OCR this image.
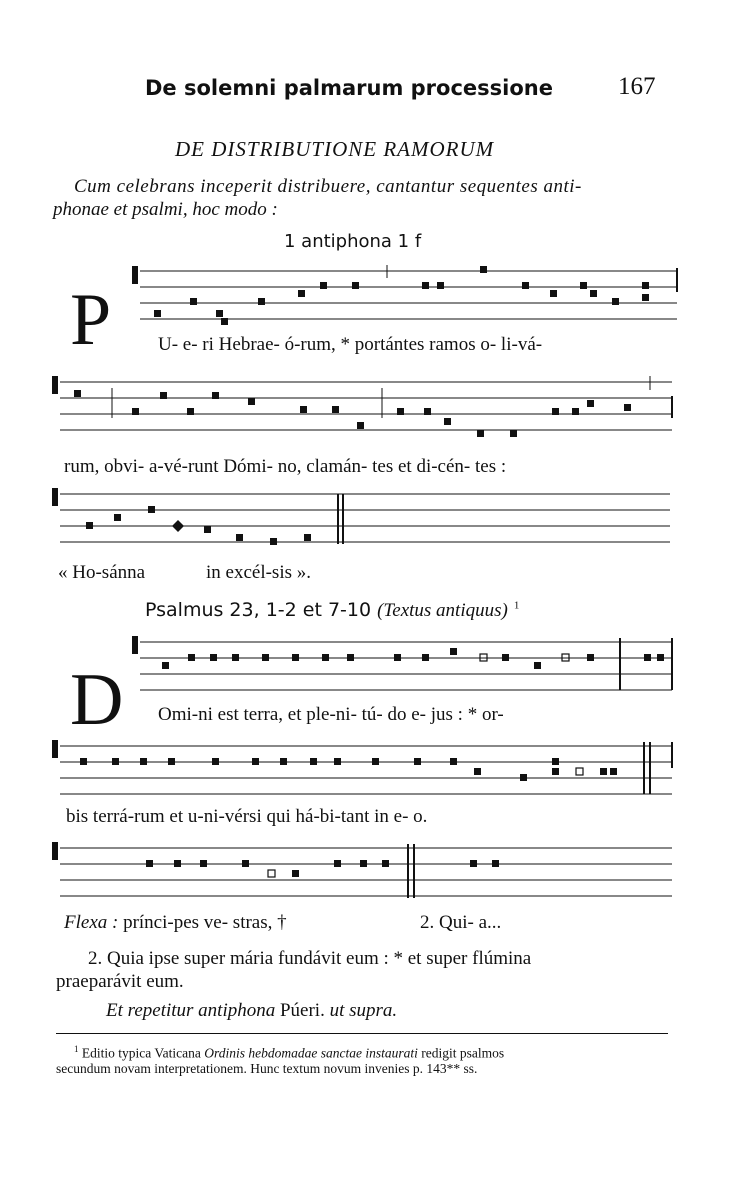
De solemni palmarum processione	167
DE DISTRIBUTIONE RAMORUM
Cum celebrans inceperit distribuere, cantantur sequentes anti-
phonae et psalmi, hoc modo :
1 antiphona 1 f
P U- e- ri Hebrae- ó-rum, * portántes ramos o- li-vá-
rum, obvi- a-vé-runt Dómi- no, clamán- tes et di-cén- tes :
« Ho-sánna	in excél-sis ».
Psalmus 23, 1-2 et 7-10 (Textus antiquus) $^1$
D Omi-ni est terra, et ple-ni- tú- do e- jus : * or-
bis terrá-rum et u-ni-vérsi qui há-bi-tant in e- o.
Flexa : prínci-pes ve- stras, †	2. Qui- a...
2. Quia ipse super mária fundávit eum : * et super flúmina
praeparávit eum.
Et repetitur antiphona Púeri. ut supra.
$^1$ Editio typica Vaticana Ordinis hebdomadae sanctae instaurati redigit psalmos
secundum novam interpretationem. Hunc textum novum invenies p. 143** ss.
